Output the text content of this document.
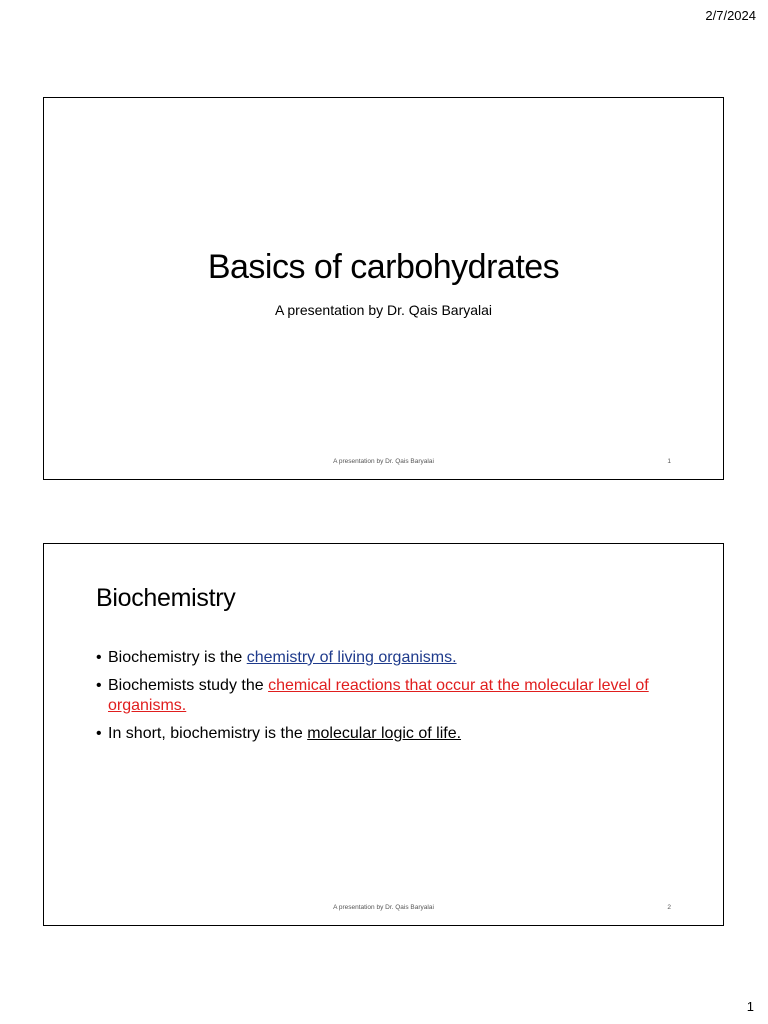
2/7/2024
Basics of carbohydrates
A presentation by Dr. Qais Baryalai
A presentation by Dr. Qais Baryalai	1
Biochemistry
• Biochemistry is the chemistry of living organisms.
• Biochemists study the chemical reactions that occur at the molecular level of organisms.
• In short, biochemistry is the molecular logic of life.
A presentation by Dr. Qais Baryalai	2
1
